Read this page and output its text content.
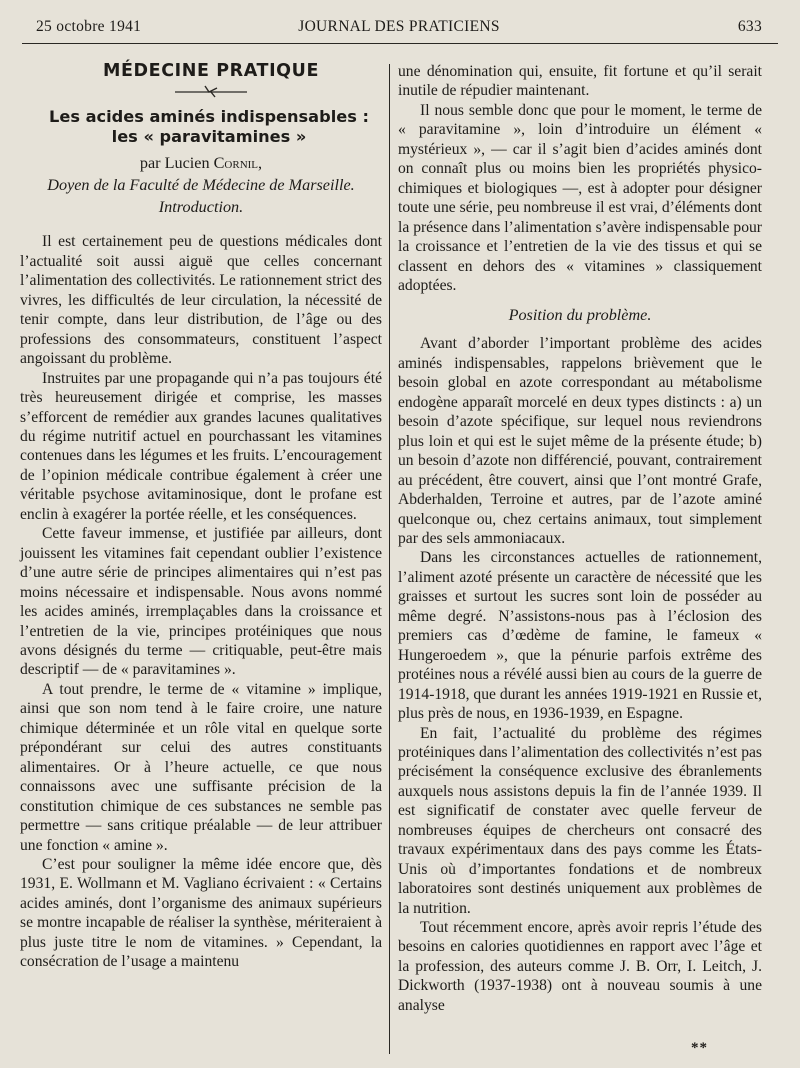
25 octobre 1941	JOURNAL DES PRATICIENS	633
MÉDECINE PRATIQUE
Les acides aminés indispensables :
les « paravitamines »
par Lucien Cornil,
Doyen de la Faculté de Médecine de Marseille.
Introduction.

Il est certainement peu de questions médicales dont l’actualité soit aussi aiguë que celles concernant l’alimentation des collectivités. Le rationnement strict des vivres, les difficultés de leur circulation, la nécessité de tenir compte, dans leur distribution, de l’âge ou des professions des consommateurs, constituent l’aspect angoissant du problème.

Instruites par une propagande qui n’a pas toujours été très heureusement dirigée et comprise, les masses s’efforcent de remédier aux grandes lacunes qualitatives du régime nutritif actuel en pourchassant les vitamines contenues dans les légumes et les fruits. L’encouragement de l’opinion médicale contribue également à créer une véritable psychose avitaminosique, dont le profane est enclin à exagérer la portée réelle, et les conséquences.

Cette faveur immense, et justifiée par ailleurs, dont jouissent les vitamines fait cependant oublier l’existence d’une autre série de principes alimentaires qui n’est pas moins nécessaire et indispensable. Nous avons nommé les acides aminés, irremplaçables dans la croissance et l’entretien de la vie, principes protéiniques que nous avons désignés du terme — critiquable, peut-être mais descriptif — de « paravitamines ».

A tout prendre, le terme de « vitamine » implique, ainsi que son nom tend à le faire croire, une nature chimique déterminée et un rôle vital en quelque sorte prépondérant sur celui des autres constituants alimentaires. Or à l’heure actuelle, ce que nous connaissons avec une suffisante précision de la constitution chimique de ces substances ne semble pas permettre — sans critique préalable — de leur attribuer une fonction « amine ».

C’est pour souligner la même idée encore que, dès 1931, E. Wollmann et M. Vagliano écrivaient : « Certains acides aminés, dont l’organisme des animaux supérieurs se montre incapable de réaliser la synthèse, mériteraient à plus juste titre le nom de vitamines. » Cependant, la consécration de l’usage a maintenu

une dénomination qui, ensuite, fit fortune et qu’il serait inutile de répudier maintenant.

Il nous semble donc que pour le moment, le terme de « paravitamine », loin d’introduire un élément « mystérieux », — car il s’agit bien d’acides aminés dont on connaît plus ou moins bien les propriétés physico-chimiques et biologiques —, est à adopter pour désigner toute une série, peu nombreuse il est vrai, d’éléments dont la présence dans l’alimentation s’avère indispensable pour la croissance et l’entretien de la vie des tissus et qui se classent en dehors des « vitamines » classiquement adoptées.

Position du problème.

Avant d’aborder l’important problème des acides aminés indispensables, rappelons brièvement que le besoin global en azote correspondant au métabolisme endogène apparaît morcelé en deux types distincts : a) un besoin d’azote spécifique, sur lequel nous reviendrons plus loin et qui est le sujet même de la présente étude; b) un besoin d’azote non différencié, pouvant, contrairement au précédent, être couvert, ainsi que l’ont montré Grafe, Abderhalden, Terroine et autres, par de l’azote aminé quelconque ou, chez certains animaux, tout simplement par des sels ammoniacaux.

Dans les circonstances actuelles de rationnement, l’aliment azoté présente un caractère de nécessité que les graisses et surtout les sucres sont loin de posséder au même degré. N’assistons-nous pas à l’éclosion des premiers cas d’œdème de famine, le fameux « Hungeroedem », que la pénurie parfois extrême des protéines nous a révélé aussi bien au cours de la guerre de 1914-1918, que durant les années 1919-1921 en Russie et, plus près de nous, en 1936-1939, en Espagne.

En fait, l’actualité du problème des régimes protéiniques dans l’alimentation des collectivités n’est pas précisément la conséquence exclusive des ébranlements auxquels nous assistons depuis la fin de l’année 1939. Il est significatif de constater avec quelle ferveur de nombreuses équipes de chercheurs ont consacré des travaux expérimentaux dans des pays comme les États-Unis où d’importantes fondations et de nombreux laboratoires sont destinés uniquement aux problèmes de la nutrition.

Tout récemment encore, après avoir repris l’étude des besoins en calories quotidiennes en rapport avec l’âge et la profession, des auteurs comme J. B. Orr, I. Leitch, J. Dickworth (1937-1938) ont à nouveau soumis à une analyse

**
